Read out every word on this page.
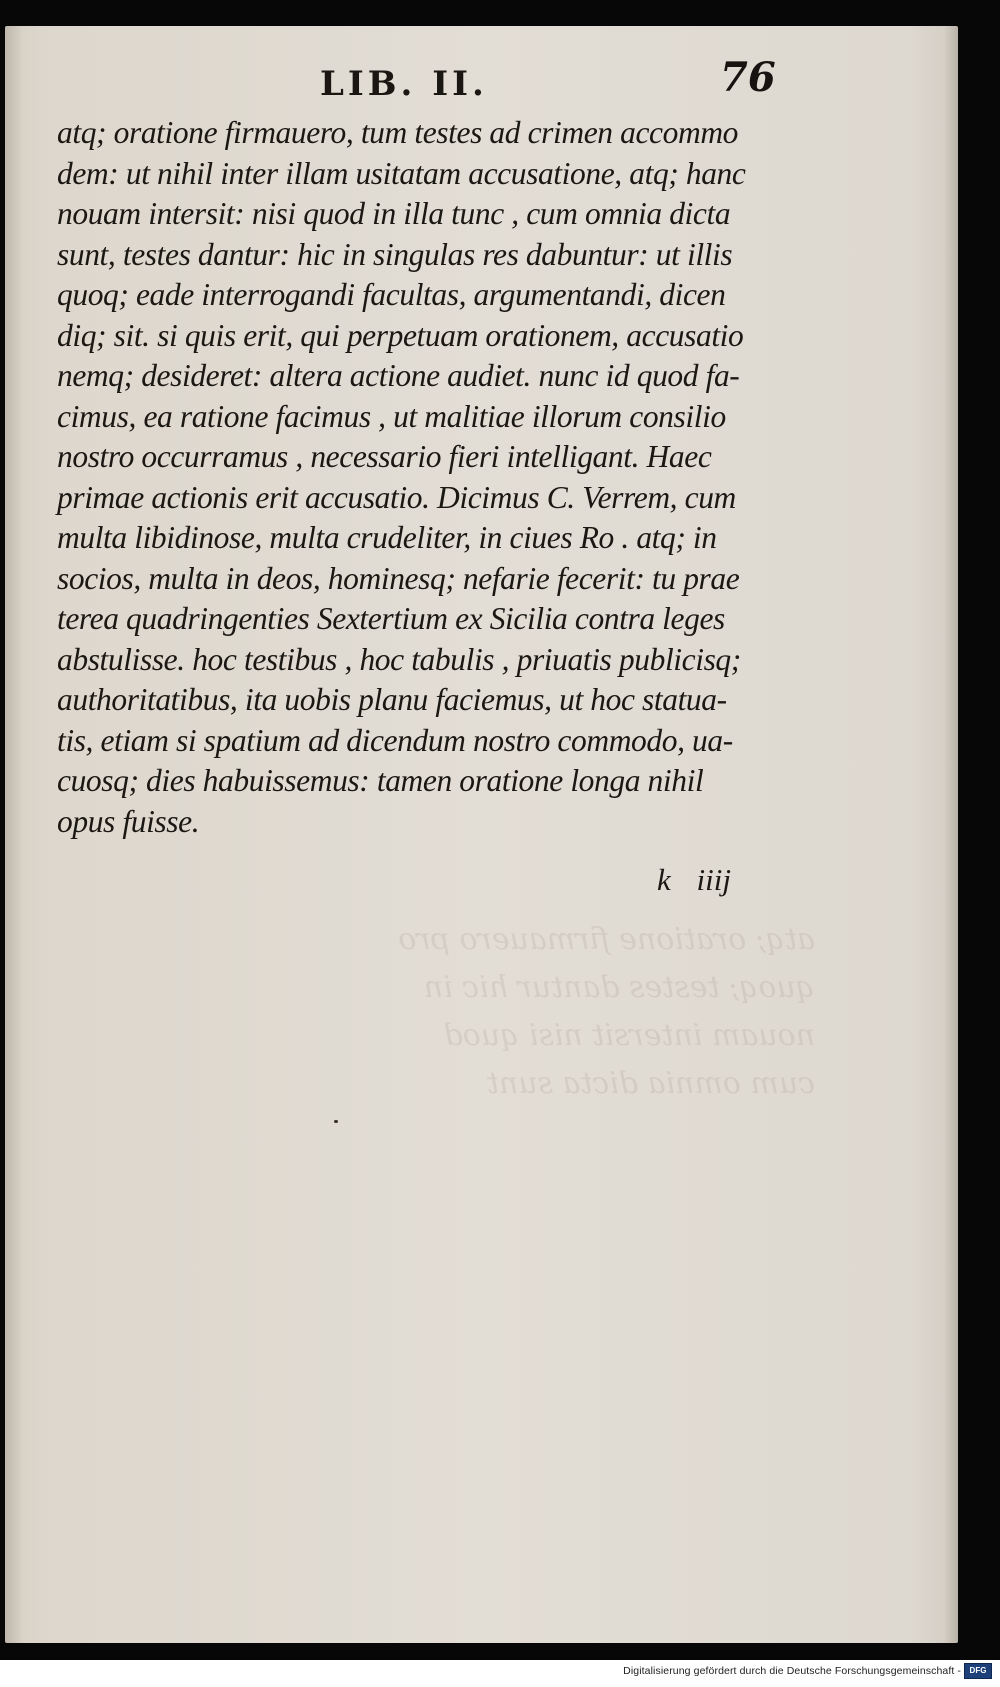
atq; oratione firmauero pro
quoq; testes dantur hic in
nouam intersit nisi quod
cum omnia dicta sunt
LIB. II.	76
atq; oratione firmauero, tum testes ad crimen accommo
dem: ut nihil inter illam usitatam accusatione, atq; hanc
nouam intersit: nisi quod in illa tunc , cum omnia dicta
sunt, testes dantur: hic in singulas res dabuntur: ut illis
quoq; eade interrogandi facultas, argumentandi, dicen
diq; sit. si quis erit, qui perpetuam orationem, accusatio
nemq; desideret: altera actione audiet. nunc id quod fa-
cimus, ea ratione facimus , ut malitiae illorum consilio
nostro occurramus , necessario fieri intelligant. Haec
primae actionis erit accusatio. Dicimus C. Verrem, cum
multa libidinose, multa crudeliter, in ciues Ro . atq; in
socios, multa in deos, hominesq; nefarie fecerit: tu prae
terea quadringenties Sextertium ex Sicilia contra leges
abstulisse. hoc testibus , hoc tabulis , priuatis publicisq;
authoritatibus, ita uobis planu faciemus, ut hoc statua-
tis, etiam si spatium ad dicendum nostro commodo, ua-
cuosq; dies habuissemus: tamen oratione longa nihil
opus fuisse.
k iiij
Digitalisierung gefördert durch die Deutsche Forschungsgemeinschaft -	DFG
